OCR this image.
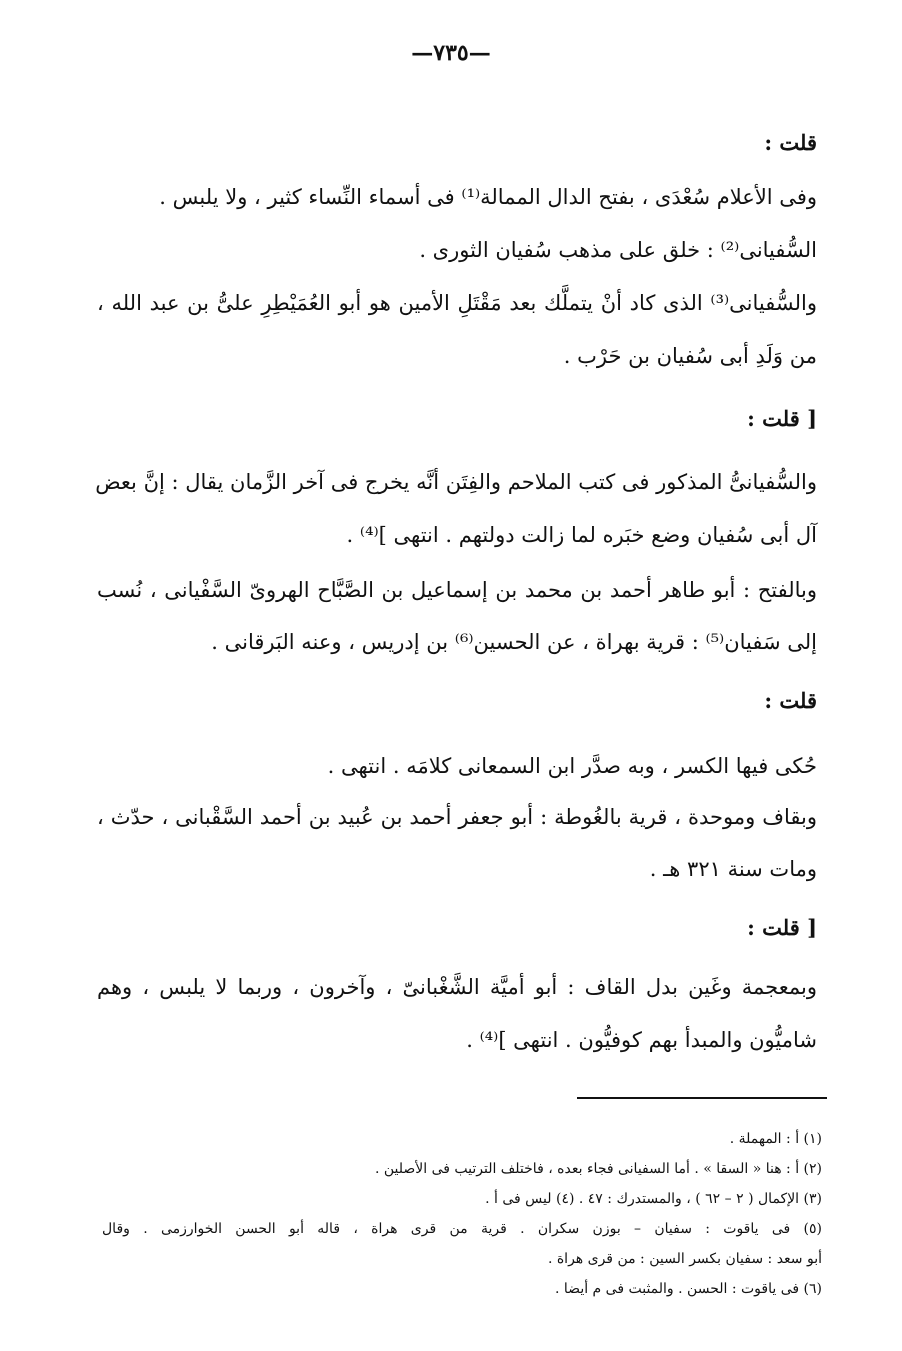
—٧٣٥—
قلت :
وفى الأعلام سُعْدَى ، بفتح الدال الممالة⁽¹⁾ فى أسماء النِّساء كثير ، ولا يلبس .
السُّفيانى⁽²⁾ : خلق على مذهب سُفيان الثورى .
والسُّفيانى⁽³⁾ الذى كاد أنْ يتملَّك بعد مَقْتَلِ الأمين هو أبو العُمَيْطِرِ علىُّ بن عبد الله ،
من وَلَدِ أبى سُفيان بن حَرْب .
[ قلت :
والسُّفيانىُّ المذكور فى كتب الملاحم والفِتَن أنَّه يخرج فى آخر الزَّمان يقال : إنَّ بعض
آل أبى سُفيان وضع خبَره لما زالت دولتهم . انتهى ]⁽⁴⁾ .
وبالفتح : أبو طاهر أحمد بن محمد بن إسماعيل بن الصَّبَّاح الهروىّ السَّفْيانى ، نُسب
إلى سَفيان⁽⁵⁾ : قرية بهراة ، عن الحسين⁽⁶⁾ بن إدريس ، وعنه البَرقانى .
قلت :
حُكى فيها الكسر ، وبه صدَّر ابن السمعانى كلامَه . انتهى .
وبقاف وموحدة ، قرية بالغُوطة : أبو جعفر أحمد بن عُبيد بن أحمد السَّقْبانى ، حدّث ،
ومات سنة ٣٢١ هـ .
[ قلت :
وبمعجمة وغَين بدل القاف : أبو أميَّة الشَّغْبانىّ ، وآخرون ، وربما لا يلبس ، وهم
شاميُّون والمبدأ بهم كوفيُّون . انتهى ]⁽⁴⁾ .
(١) أ : المهملة .
(٢) أ : هنا « السقا » . أما السفيانى فجاء بعده ، فاختلف الترتيب فى الأصلين .
(٣) الإكمال ( ٢ – ٦٢ ) ، والمستدرك : ٤٧ . (٤) ليس فى أ .
(٥) فى ياقوت : سفيان – بوزن سكران . قرية من قرى هراة ، قاله أبو الحسن الخوارزمى . وقال
أبو سعد : سفيان بكسر السين : من قرى هراة .
(٦) فى ياقوت : الحسن . والمثبت فى م أيضا .
